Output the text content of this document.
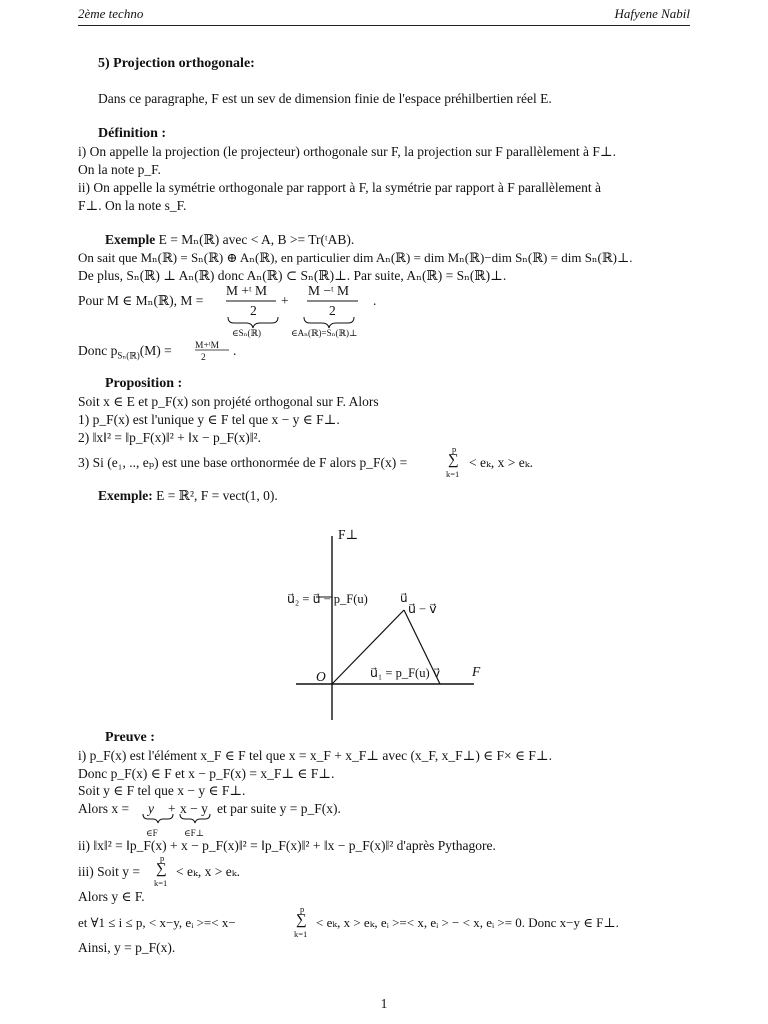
2ème techno	Hafyene Nabil
5) Projection orthogonale:
Dans ce paragraphe, F est un sev de dimension finie de l'espace préhilbertien réel E.
Définition :
i) On appelle la projection (le projecteur) orthogonale sur F, la projection sur F parallèlement à F⊥.
On la note p_F.
ii) On appelle la symétrie orthogonale par rapport à F, la symétrie par rapport à F parallèlement à
F⊥. On la note s_F.
Exemple E = Mₙ(ℝ) avec < A, B >= Tr(ᵗAB).
On sait que Mₙ(ℝ) = Sₙ(ℝ) ⊕ Aₙ(ℝ), en particulier dim Aₙ(ℝ) = dim Mₙ(ℝ)−dim Sₙ(ℝ) = dim Sₙ(ℝ)⊥.
De plus, Sₙ(ℝ) ⊥ Aₙ(ℝ) donc Aₙ(ℝ) ⊂ Sₙ(ℝ)⊥. Par suite, Aₙ(ℝ) = Sₙ(ℝ)⊥.
Pour M ∈ Mₙ(ℝ), M =
M +ᵗ M
2
+
M −ᵗ M
2
.
∈Sₙ(ℝ)	∈Aₙ(ℝ)=Sₙ(ℝ)⊥
Donc $p_{S_n(ℝ)}(M)$ = M+ᵗM
2 .
Proposition :
Soit x ∈ E et p_F(x) son projété orthogonal sur F. Alors
1) p_F(x) est l'unique y ∈ F tel que x − y ∈ F⊥.
2) ‖x‖² = ‖p_F(x)‖² + ‖x − p_F(x)‖².
3) Si (e₁, .., eₚ) est une base orthonormée de F alors p_F(x) =
p
∑
k=1
< eₖ, x > eₖ.
Exemple: E = ℝ², F = vect(1, 0).
F⊥
F
O
u⃗
u⃗₂ = u⃗ − p_F(u)
u⃗ − v⃗
u⃗₁ = p_F(u) v⃗
Preuve :
i) p_F(x) est l'élément x_F ∈ F tel que x = x_F + x_F⊥ avec (x_F, x_F⊥) ∈ F× ∈ F⊥.
Donc p_F(x) ∈ F et x − p_F(x) = x_F⊥ ∈ F⊥.
Soit y ∈ F tel que x − y ∈ F⊥.
Alors x = y + x − y et par suite y = p_F(x).
∈F	∈F⊥
ii) ‖x‖² = ‖p_F(x) + x − p_F(x)‖² = ‖p_F(x)‖² + ‖x − p_F(x)‖² d'après Pythagore.
iii) Soit y =
p
∑
k=1
< eₖ, x > eₖ.
Alors y ∈ F.
et ∀1 ≤ i ≤ p, < x−y, eᵢ >=< x−
p
∑
k=1
< eₖ, x > eₖ, eᵢ >=< x, eᵢ > − < x, eᵢ >= 0. Donc x−y ∈ F⊥.
Ainsi, y = p_F(x).
1
